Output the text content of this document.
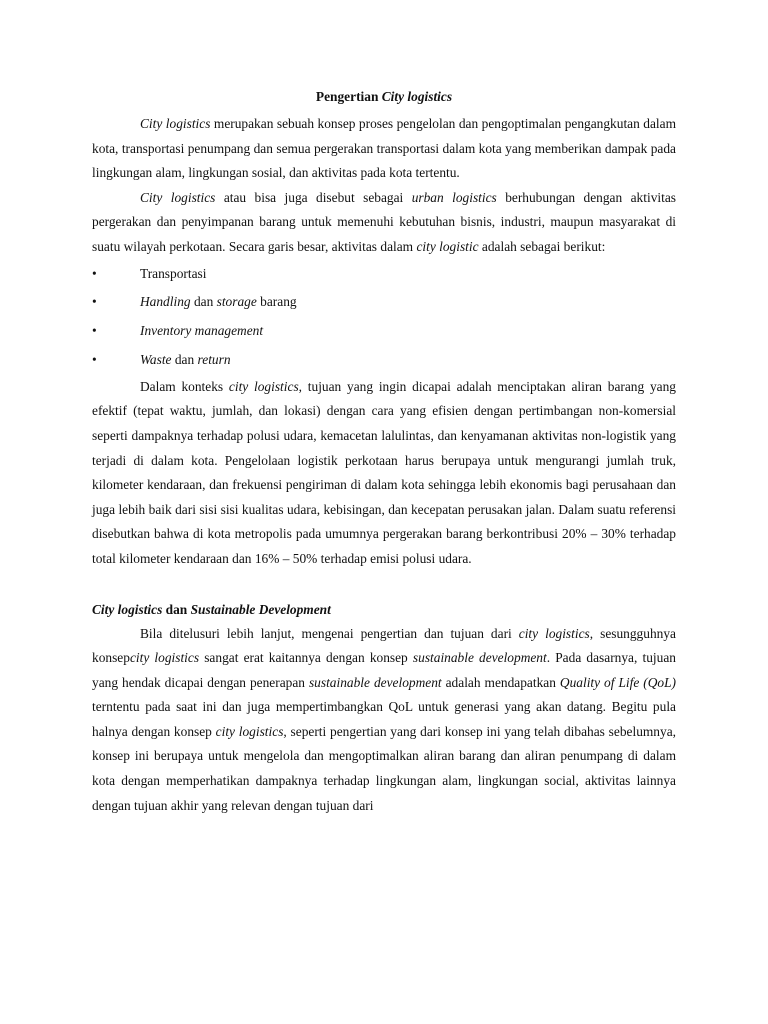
Pengertian City logistics

City logistics merupakan sebuah konsep proses pengelolan dan pengoptimalan pengangkutan dalam kota, transportasi penumpang dan semua pergerakan transportasi dalam kota yang memberikan dampak pada lingkungan alam, lingkungan sosial, dan aktivitas pada kota tertentu.

City logistics atau bisa juga disebut sebagai urban logistics berhubungan dengan aktivitas pergerakan dan penyimpanan barang untuk memenuhi kebutuhan bisnis, industri, maupun masyarakat di suatu wilayah perkotaan. Secara garis besar, aktivitas dalam city logistic adalah sebagai berikut:

•	Transportasi
•	Handling dan storage barang
•	Inventory management
•	Waste dan return

Dalam konteks city logistics, tujuan yang ingin dicapai adalah menciptakan aliran barang yang efektif (tepat waktu, jumlah, dan lokasi) dengan cara yang efisien dengan pertimbangan non-komersial seperti dampaknya terhadap polusi udara, kemacetan lalulintas, dan kenyamanan aktivitas non-logistik yang terjadi di dalam kota. Pengelolaan logistik perkotaan harus berupaya untuk mengurangi jumlah truk, kilometer kendaraan, dan frekuensi pengiriman di dalam kota sehingga lebih ekonomis bagi perusahaan dan juga lebih baik dari sisi sisi kualitas udara, kebisingan, dan kecepatan perusakan jalan. Dalam suatu referensi disebutkan bahwa di kota metropolis pada umumnya pergerakan barang berkontribusi 20% – 30% terhadap total kilometer kendaraan dan 16% – 50% terhadap emisi polusi udara.

City logistics dan Sustainable Development

Bila ditelusuri lebih lanjut, mengenai pengertian dan tujuan dari city logistics, sesungguhnya konsepcity logistics sangat erat kaitannya dengan konsep sustainable development. Pada dasarnya, tujuan yang hendak dicapai dengan penerapan sustainable development adalah mendapatkan Quality of Life (QoL) terntentu pada saat ini dan juga mempertimbangkan QoL untuk generasi yang akan datang. Begitu pula halnya dengan konsep city logistics, seperti pengertian yang dari konsep ini yang telah dibahas sebelumnya, konsep ini berupaya untuk mengelola dan mengoptimalkan aliran barang dan aliran penumpang di dalam kota dengan memperhatikan dampaknya terhadap lingkungan alam, lingkungan social, aktivitas lainnya dengan tujuan akhir yang relevan dengan tujuan dari
